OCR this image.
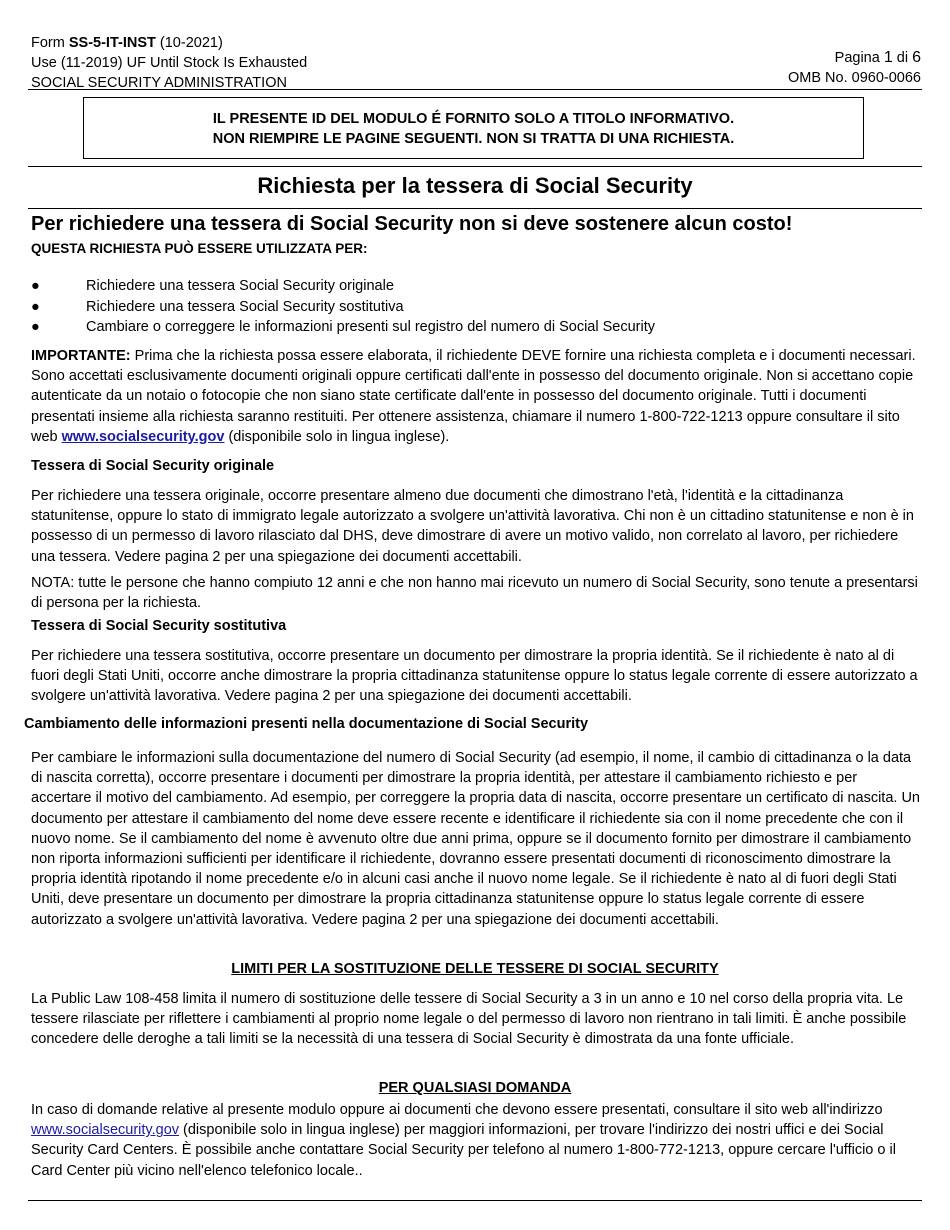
Form SS-5-IT-INST (10-2021)
Use (11-2019) UF Until Stock Is Exhausted
SOCIAL SECURITY ADMINISTRATION
Pagina 1 di 6
OMB No. 0960-0066
IL PRESENTE ID DEL MODULO É FORNITO SOLO A TITOLO INFORMATIVO.
NON RIEMPIRE LE PAGINE SEGUENTI. NON SI TRATTA DI UNA RICHIESTA.
Richiesta per la tessera di Social Security
Per richiedere una tessera di Social Security non si deve sostenere alcun costo!
QUESTA RICHIESTA PUÒ ESSERE UTILIZZATA PER:
●	Richiedere una tessera Social Security originale
●	Richiedere una tessera Social Security sostitutiva
●	Cambiare o correggere le informazioni presenti sul registro del numero di Social Security
IMPORTANTE: Prima che la richiesta possa essere elaborata, il richiedente DEVE fornire una richiesta completa e i documenti necessari. Sono accettati esclusivamente documenti originali oppure certificati dall'ente in possesso del documento originale. Non si accettano copie autenticate da un notaio o fotocopie che non siano state certificate dall'ente in possesso del documento originale. Tutti i documenti presentati insieme alla richiesta saranno restituiti. Per ottenere assistenza, chiamare il numero 1-800-722-1213 oppure consultare il sito web www.socialsecurity.gov (disponibile solo in lingua inglese).
Tessera di Social Security originale
Per richiedere una tessera originale, occorre presentare almeno due documenti che dimostrano l'età, l'identità e la cittadinanza statunitense, oppure lo stato di immigrato legale autorizzato a svolgere un'attività lavorativa. Chi non è un cittadino statunitense e non è in possesso di un permesso di lavoro rilasciato dal DHS, deve dimostrare di avere un motivo valido, non correlato al lavoro, per richiedere una tessera. Vedere pagina 2 per una spiegazione dei documenti accettabili.
NOTA: tutte le persone che hanno compiuto 12 anni e che non hanno mai ricevuto un numero di Social Security, sono tenute a presentarsi di persona per la richiesta.
Tessera di Social Security sostitutiva
Per richiedere una tessera sostitutiva, occorre presentare un documento per dimostrare la propria identità. Se il richiedente è nato al di fuori degli Stati Uniti, occorre anche dimostrare la propria cittadinanza statunitense oppure lo status legale corrente di essere autorizzato a svolgere un'attività lavorativa. Vedere pagina 2 per una spiegazione dei documenti accettabili.
Cambiamento delle informazioni presenti nella documentazione di Social Security
Per cambiare le informazioni sulla documentazione del numero di Social Security (ad esempio, il nome, il cambio di cittadinanza o la data di nascita corretta), occorre presentare i documenti per dimostrare la propria identità, per attestare il cambiamento richiesto e per accertare il motivo del cambiamento. Ad esempio, per correggere la propria data di nascita, occorre presentare un certificato di nascita. Un documento per attestare il cambiamento del nome deve essere recente e identificare il richiedente sia con il nome precedente che con il nuovo nome. Se il cambiamento del nome è avvenuto oltre due anni prima, oppure se il documento fornito per dimostrare il cambiamento non riporta informazioni sufficienti per identificare il richiedente, dovranno essere presentati documenti di riconoscimento dimostrare la propria identità ripotando il nome precedente e/o in alcuni casi anche il nuovo nome legale. Se il richiedente è nato al di fuori degli Stati Uniti, deve presentare un documento per dimostrare la propria cittadinanza statunitense oppure lo status legale corrente di essere autorizzato a svolgere un'attività lavorativa. Vedere pagina 2 per una spiegazione dei documenti accettabili.
LIMITI PER LA SOSTITUZIONE DELLE TESSERE DI SOCIAL SECURITY
La Public Law 108-458 limita il numero di sostituzione delle tessere di Social Security a 3 in un anno e 10 nel corso della propria vita. Le tessere rilasciate per riflettere i cambiamenti al proprio nome legale o del permesso di lavoro non rientrano in tali limiti. È anche possibile concedere delle deroghe a tali limiti se la necessità di una tessera di Social Security è dimostrata da una fonte ufficiale.
PER QUALSIASI DOMANDA
In caso di domande relative al presente modulo oppure ai documenti che devono essere presentati, consultare il sito web all'indirizzo www.socialsecurity.gov (disponibile solo in lingua inglese) per maggiori informazioni, per trovare l'indirizzo dei nostri uffici e dei Social Security Card Centers. È possibile anche contattare Social Security per telefono al numero 1-800-772-1213, oppure cercare l'ufficio o il Card Center più vicino nell'elenco telefonico locale..
